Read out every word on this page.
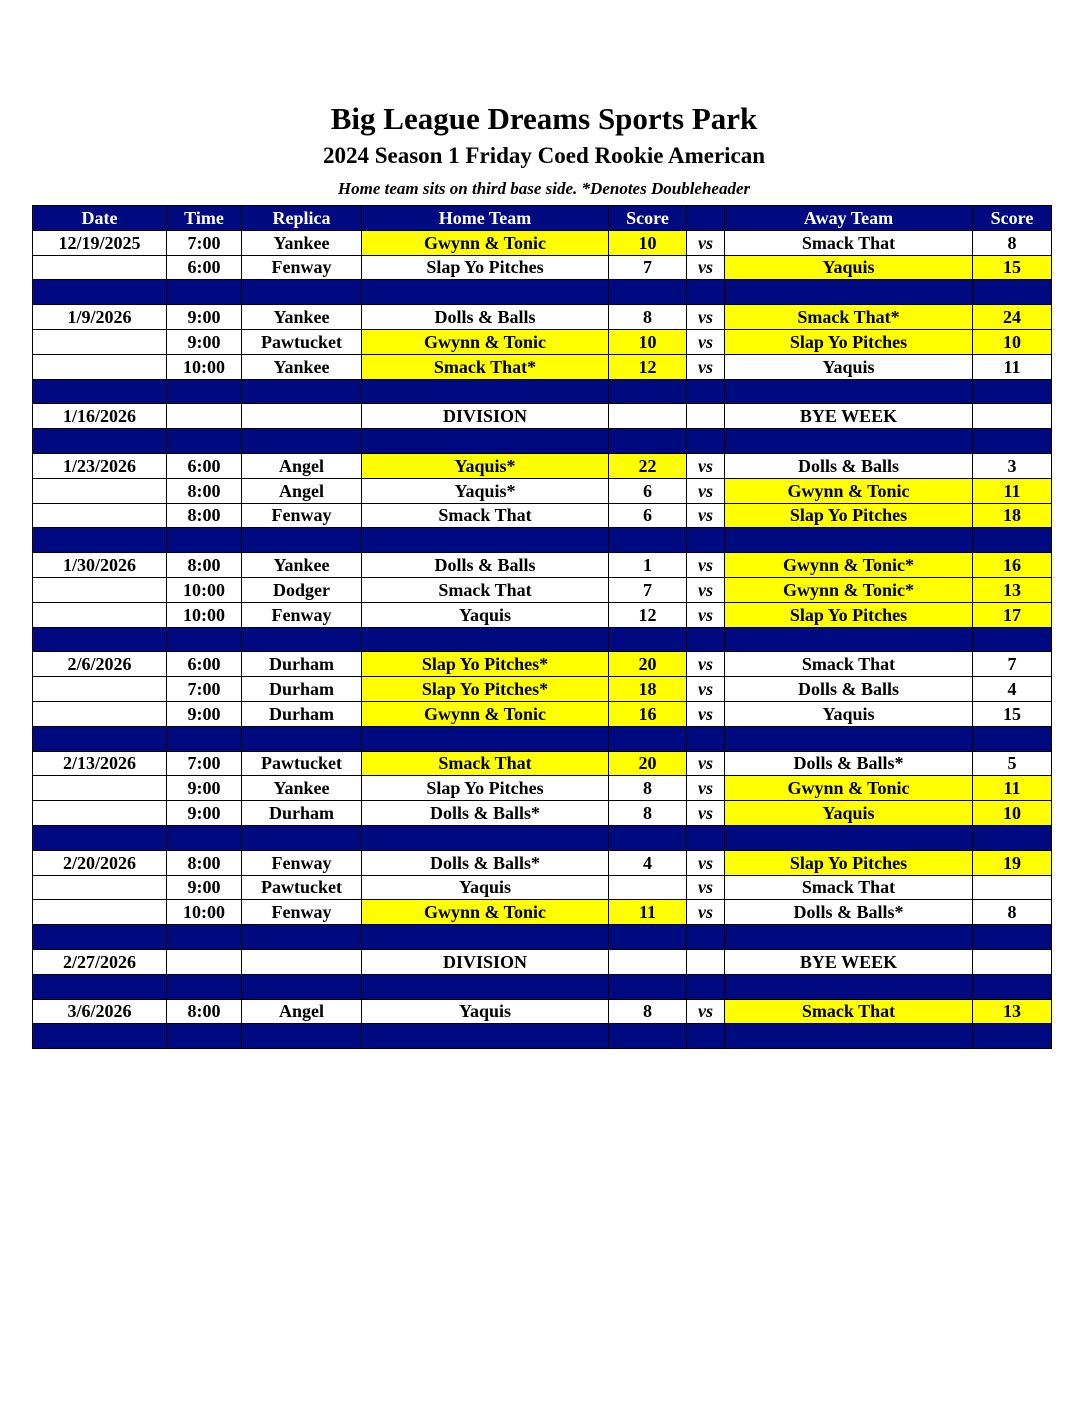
Big League Dreams Sports Park
2024 Season 1 Friday Coed Rookie American
Home team sits on third base side. *Denotes Doubleheader
Date	Time	Replica	Home Team	Score		Away Team	Score
12/19/2025	7:00	Yankee	Gwynn & Tonic	10	vs	Smack That	8
	6:00	Fenway	Slap Yo Pitches	7	vs	Yaquis	15

1/9/2026	9:00	Yankee	Dolls & Balls	8	vs	Smack That*	24
	9:00	Pawtucket	Gwynn & Tonic	10	vs	Slap Yo Pitches	10
	10:00	Yankee	Smack That*	12	vs	Yaquis	11

1/16/2026			DIVISION			BYE WEEK	

1/23/2026	6:00	Angel	Yaquis*	22	vs	Dolls & Balls	3
	8:00	Angel	Yaquis*	6	vs	Gwynn & Tonic	11
	8:00	Fenway	Smack That	6	vs	Slap Yo Pitches	18

1/30/2026	8:00	Yankee	Dolls & Balls	1	vs	Gwynn & Tonic*	16
	10:00	Dodger	Smack That	7	vs	Gwynn & Tonic*	13
	10:00	Fenway	Yaquis	12	vs	Slap Yo Pitches	17

2/6/2026	6:00	Durham	Slap Yo Pitches*	20	vs	Smack That	7
	7:00	Durham	Slap Yo Pitches*	18	vs	Dolls & Balls	4
	9:00	Durham	Gwynn & Tonic	16	vs	Yaquis	15

2/13/2026	7:00	Pawtucket	Smack That	20	vs	Dolls & Balls*	5
	9:00	Yankee	Slap Yo Pitches	8	vs	Gwynn & Tonic	11
	9:00	Durham	Dolls & Balls*	8	vs	Yaquis	10

2/20/2026	8:00	Fenway	Dolls & Balls*	4	vs	Slap Yo Pitches	19
	9:00	Pawtucket	Yaquis		vs	Smack That	
	10:00	Fenway	Gwynn & Tonic	11	vs	Dolls & Balls*	8

2/27/2026			DIVISION			BYE WEEK	

3/6/2026	8:00	Angel	Yaquis	8	vs	Smack That	13
